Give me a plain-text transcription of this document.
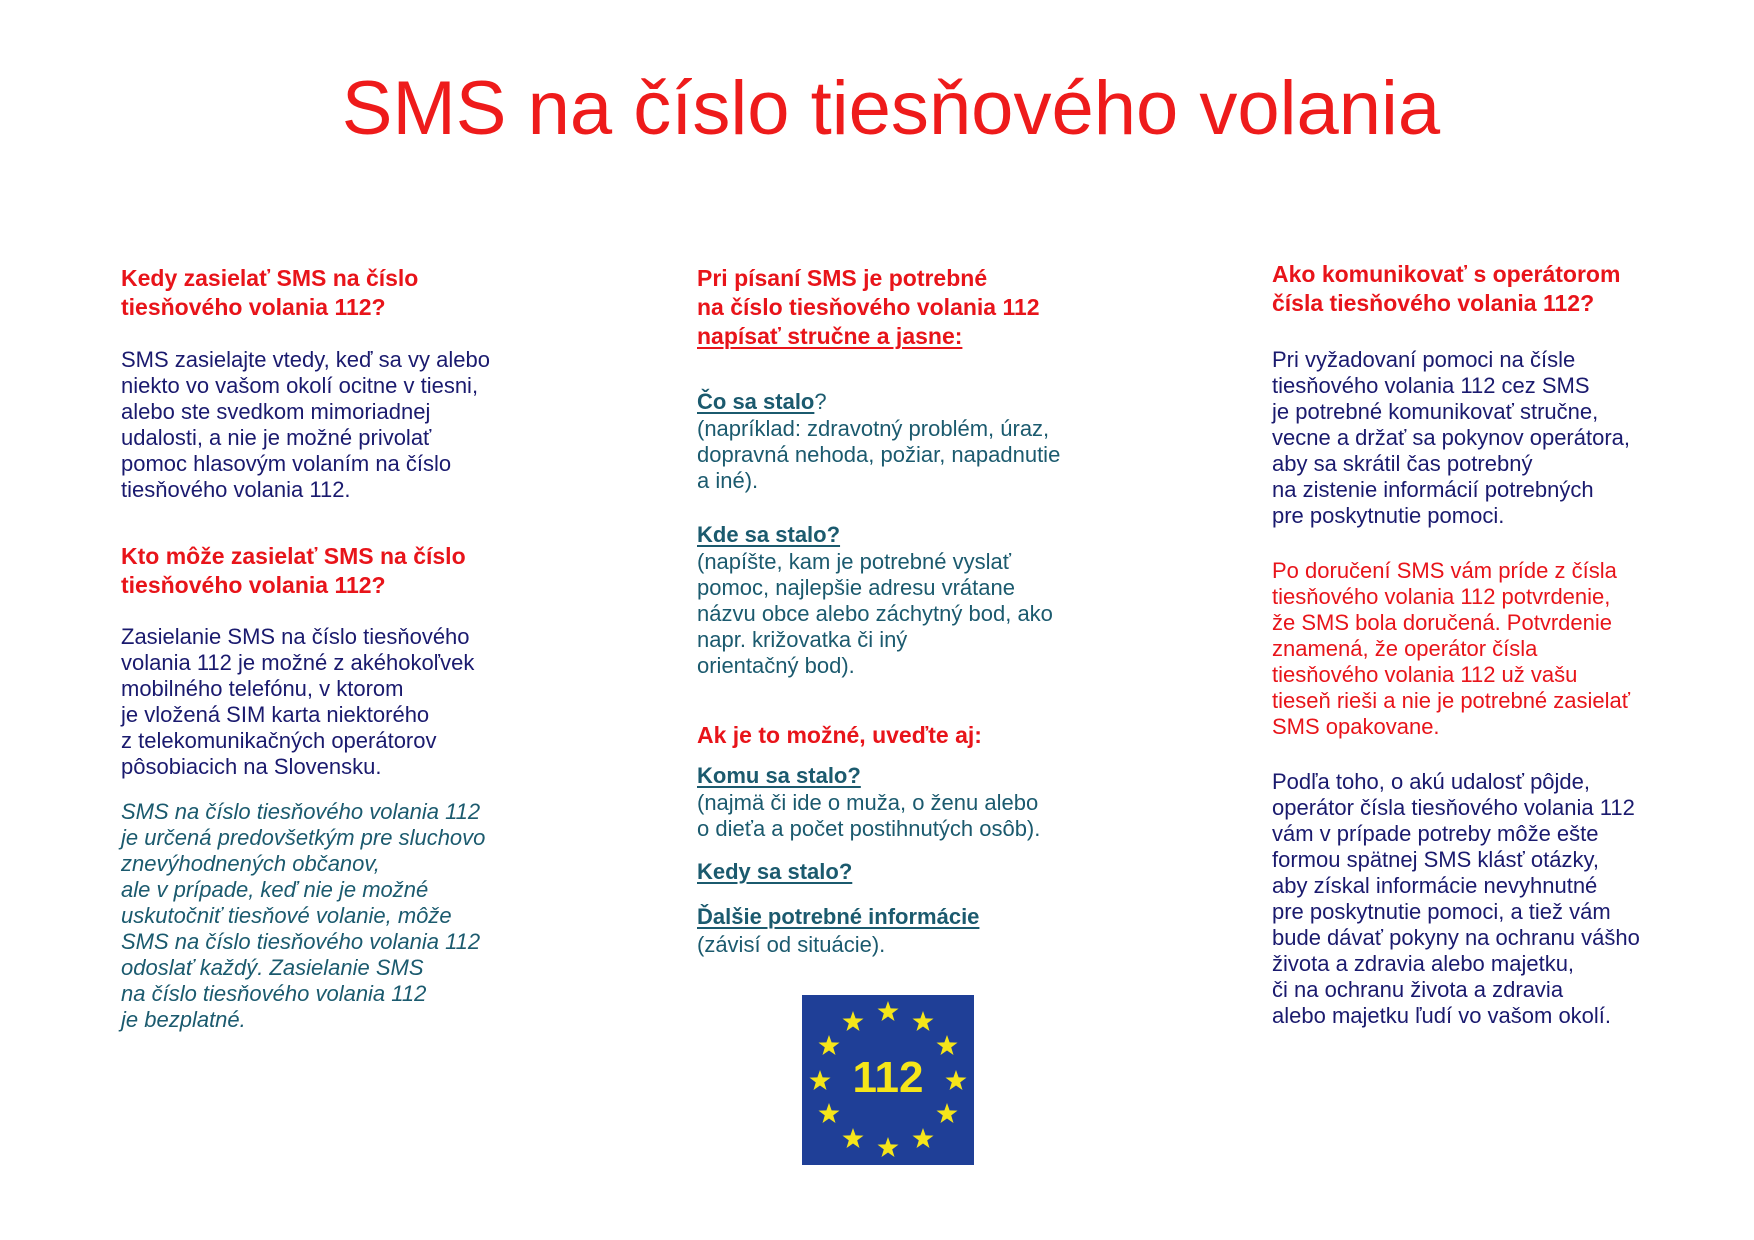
SMS na číslo tiesňového volania
Kedy zasielať SMS na číslo
tiesňového volania 112?
SMS zasielajte vtedy, keď sa vy alebo
niekto vo vašom okolí ocitne v tiesni,
alebo ste svedkom mimoriadnej
udalosti, a nie je možné privolať
pomoc hlasovým volaním na číslo
tiesňového volania 112.
Kto môže zasielať SMS na číslo
tiesňového volania 112?
Zasielanie SMS na číslo tiesňového
volania 112 je možné z akéhokoľvek
mobilného telefónu, v ktorom
je vložená SIM karta niektorého
z telekomunikačných operátorov
pôsobiacich na Slovensku.
SMS na číslo tiesňového volania 112
je určená predovšetkým pre sluchovo
znevýhodnených občanov,
ale v prípade, keď nie je možné
uskutočniť tiesňové volanie, môže
SMS na číslo tiesňového volania 112
odoslať každý. Zasielanie SMS
na číslo tiesňového volania 112
je bezplatné.
Pri písaní SMS je potrebné
na číslo tiesňového volania 112
napísať stručne a jasne:
Čo sa stalo?
(napríklad: zdravotný problém, úraz,
dopravná nehoda, požiar, napadnutie
a iné).
Kde sa stalo?
(napíšte, kam je potrebné vyslať
pomoc, najlepšie adresu vrátane
názvu obce alebo záchytný bod, ako
napr. križovatka či iný
orientačný bod).
Ak je to možné, uveďte aj:
Komu sa stalo?
(najmä či ide o muža, o ženu alebo
o dieťa a počet postihnutých osôb).
Kedy sa stalo?
Ďalšie potrebné informácie
(závisí od situácie).
112
Ako komunikovať s operátorom
čísla tiesňového volania 112?
Pri vyžadovaní pomoci na čísle
tiesňového volania 112 cez SMS
je potrebné komunikovať stručne,
vecne a držať sa pokynov operátora,
aby sa skrátil čas potrebný
na zistenie informácií potrebných
pre poskytnutie pomoci.
Po doručení SMS vám príde z čísla
tiesňového volania 112 potvrdenie,
že SMS bola doručená. Potvrdenie
znamená, že operátor čísla
tiesňového volania 112 už vašu
tieseň rieši a nie je potrebné zasielať
SMS opakovane.
Podľa toho, o akú udalosť pôjde,
operátor čísla tiesňového volania 112
vám v prípade potreby môže ešte
formou spätnej SMS klásť otázky,
aby získal informácie nevyhnutné
pre poskytnutie pomoci, a tiež vám
bude dávať pokyny na ochranu vášho
života a zdravia alebo majetku,
či na ochranu života a zdravia
alebo majetku ľudí vo vašom okolí.
